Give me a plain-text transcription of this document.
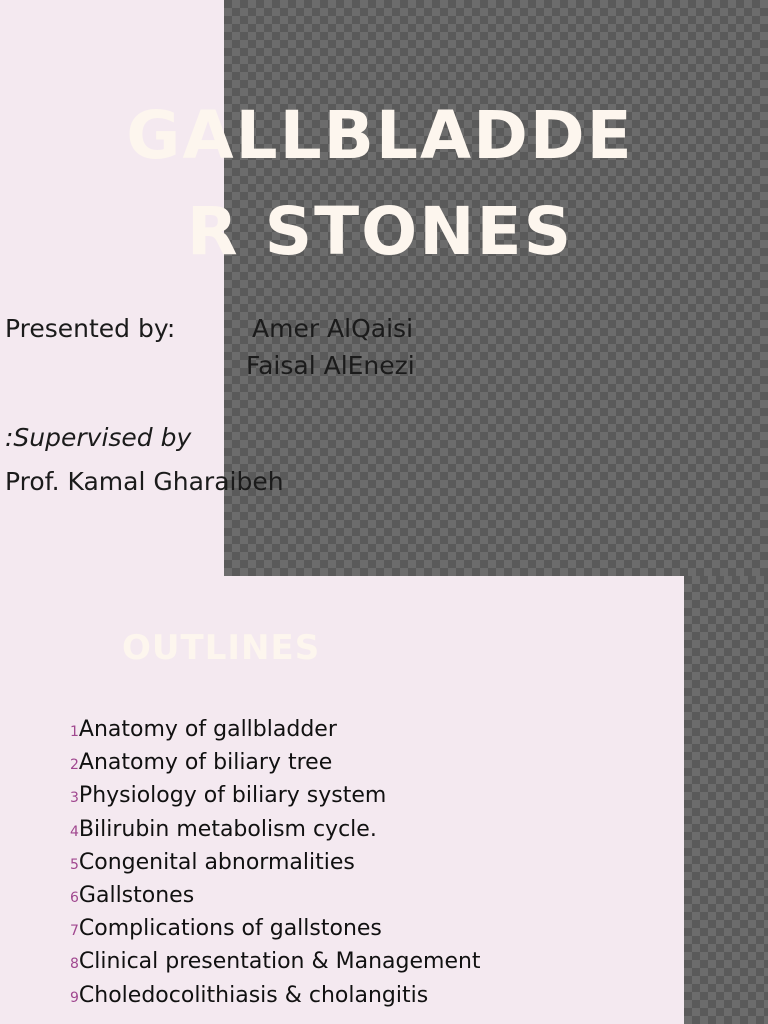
GALLBLADDE
R STONES
Presented by:	Amer AlQaisi
Faisal AlEnezi
:Supervised by
Prof. Kamal Gharaibeh
OUTLINES
1 Anatomy of gallbladder
2 Anatomy of biliary tree
3 Physiology of biliary system
4 Bilirubin metabolism cycle.
5 Congenital abnormalities
6 Gallstones
7 Complications of gallstones
8 Clinical presentation & Management
9 Choledocolithiasis & cholangitis
